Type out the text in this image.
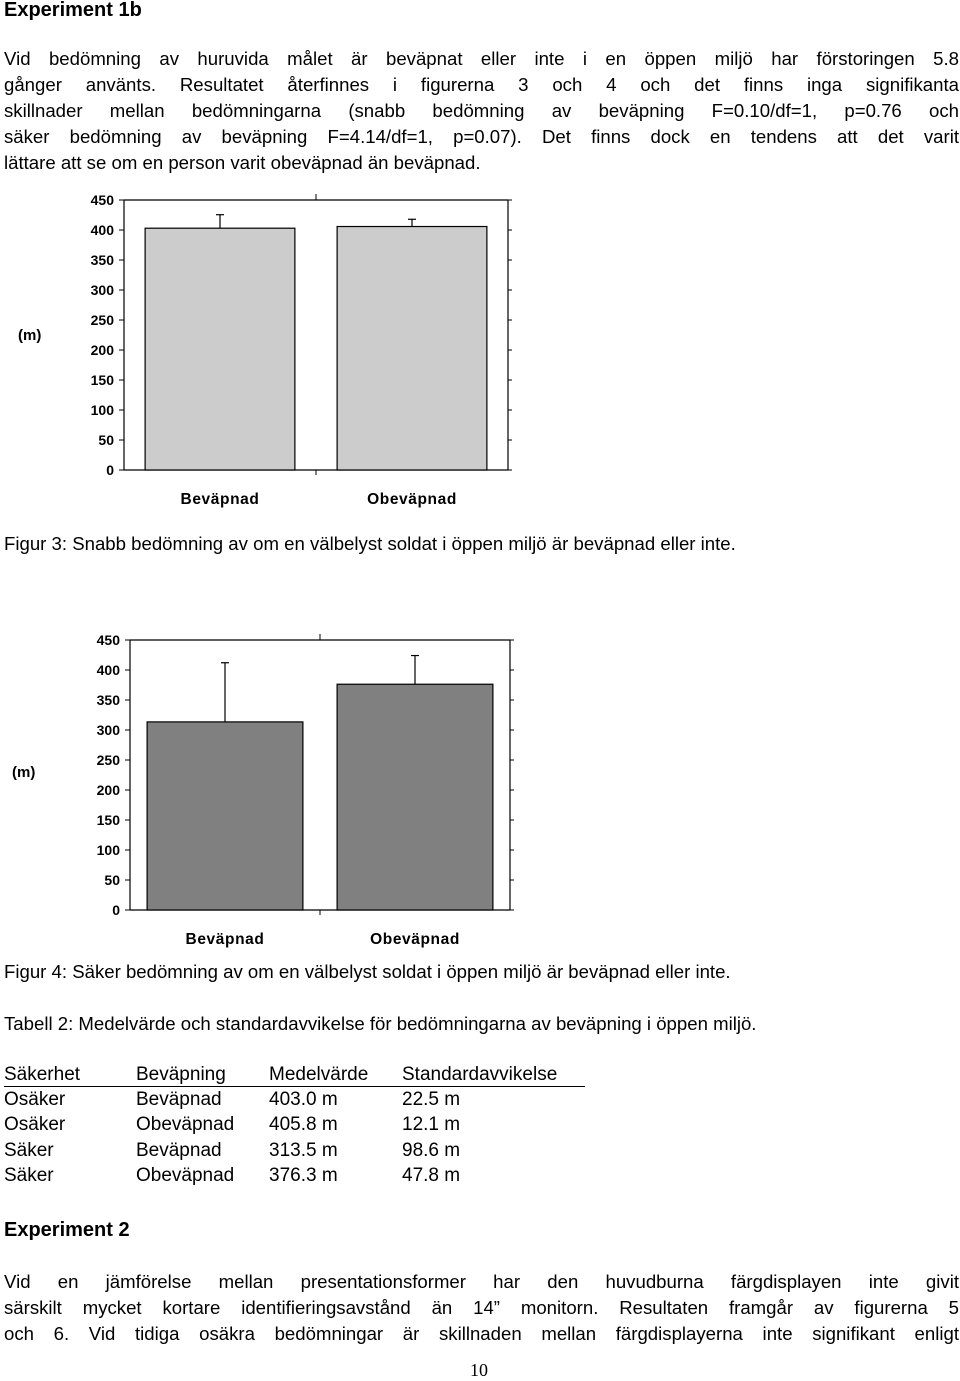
Experiment 1b
Vid bedömning av huruvida målet är beväpnat eller inte i en öppen miljö har förstoringen 5.8
gånger använts. Resultatet återfinnes i figurerna 3 och 4 och det finns inga signifikanta
skillnader mellan bedömningarna (snabb bedömning av beväpning F=0.10/df=1, p=0.76 och
säker bedömning av beväpning F=4.14/df=1, p=0.07). Det finns dock en tendens att det varit
lättare att se om en person varit obeväpnad än beväpnad.
0
50
100
150
200
250
300
350
400
450
Beväpnad	Obeväpnad
(m)
Figur 3: Snabb bedömning av om en välbelyst soldat i öppen miljö är beväpnad eller inte.
0
50
100
150
200
250
300
350
400
450
Beväpnad	Obeväpnad
(m)
Figur 4: Säker bedömning av om en välbelyst soldat i öppen miljö är beväpnad eller inte.
Tabell 2: Medelvärde och standardavvikelse för bedömningarna av beväpning i öppen miljö.
Säkerhet	Beväpning	Medelvärde	Standardavvikelse
Osäker	Beväpnad	403.0 m	22.5 m
Osäker	Obeväpnad	405.8 m	12.1 m
Säker	Beväpnad	313.5 m	98.6 m
Säker	Obeväpnad	376.3 m	47.8 m
Experiment 2
Vid en jämförelse mellan presentationsformer har den huvudburna färgdisplayen inte givit
särskilt mycket kortare identifieringsavstånd än 14” monitorn. Resultaten framgår av figurerna 5
och 6. Vid tidiga osäkra bedömningar är skillnaden mellan färgdisplayerna inte signifikant enligt
10
